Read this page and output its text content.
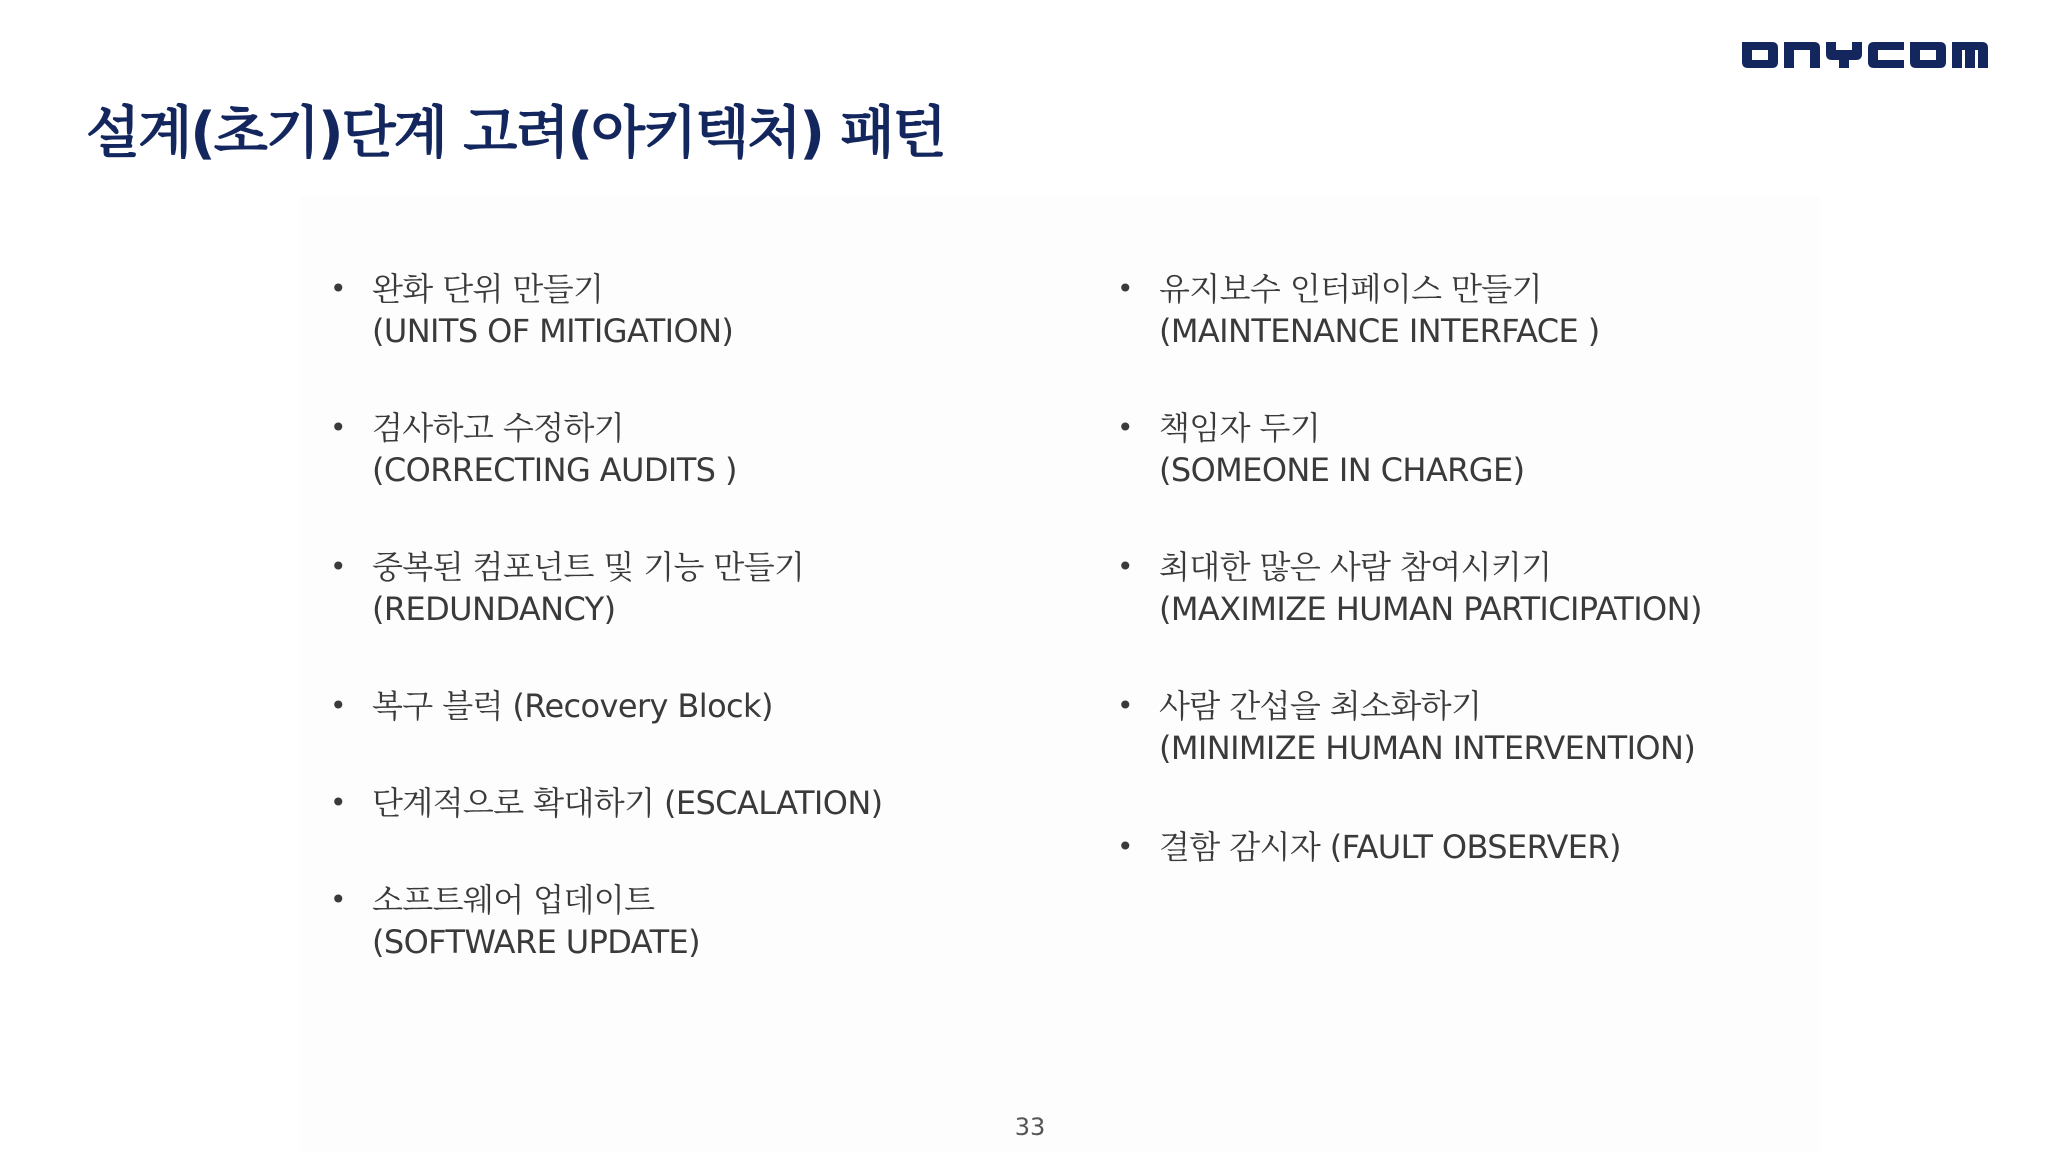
설계(초기)단계 고려(아키텍처) 패턴
• 완화 단위 만들기
(UNITS OF MITIGATION)
• 검사하고 수정하기
(CORRECTING AUDITS )
• 중복된 컴포넌트 및 기능 만들기
(REDUNDANCY)
• 복구 블럭 (Recovery Block)
• 단계적으로 확대하기 (ESCALATION)
• 소프트웨어 업데이트
(SOFTWARE UPDATE)
• 유지보수 인터페이스 만들기
(MAINTENANCE INTERFACE )
• 책임자 두기
(SOMEONE IN CHARGE)
• 최대한 많은 사람 참여시키기
(MAXIMIZE HUMAN PARTICIPATION)
• 사람 간섭을 최소화하기
(MINIMIZE HUMAN INTERVENTION)
• 결함 감시자 (FAULT OBSERVER)
33
